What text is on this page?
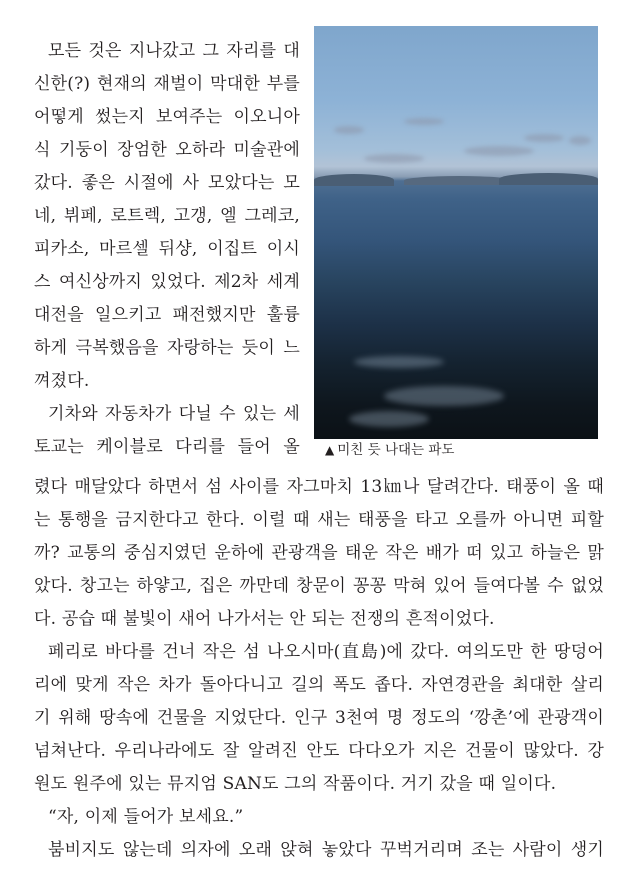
모든 것은 지나갔고 그 자리를 대
신한(?) 현재의 재벌이 막대한 부를
어떻게 썼는지 보여주는 이오니아
식 기둥이 장엄한 오하라 미술관에
갔다. 좋은 시절에 사 모았다는 모
네, 뷔페, 로트렉, 고갱, 엘 그레코,
피카소, 마르셀 뒤샹, 이집트 이시
스 여신상까지 있었다. 제2차 세계
대전을 일으키고 패전했지만 훌륭
하게 극복했음을 자랑하는 듯이 느
껴졌다.
기차와 자동차가 다닐 수 있는 세
토교는 케이블로 다리를 들어 올
렸다 매달았다 하면서 섬 사이를 자그마치 13㎞나 달려간다. 태풍이 올 때
는 통행을 금지한다고 한다. 이럴 때 새는 태풍을 타고 오를까 아니면 피할
까? 교통의 중심지였던 운하에 관광객을 태운 작은 배가 떠 있고 하늘은 맑
았다. 창고는 하얗고, 집은 까만데 창문이 꽁꽁 막혀 있어 들여다볼 수 없었
다. 공습 때 불빛이 새어 나가서는 안 되는 전쟁의 흔적이었다.
페리로 바다를 건너 작은 섬 나오시마(直島)에 갔다. 여의도만 한 땅덩어
리에 맞게 작은 차가 돌아다니고 길의 폭도 좁다. 자연경관을 최대한 살리
기 위해 땅속에 건물을 지었단다. 인구 3천여 명 정도의 ‘깡촌’에 관광객이
넘쳐난다. 우리나라에도 잘 알려진 안도 다다오가 지은 건물이 많았다. 강
원도 원주에 있는 뮤지엄 SAN도 그의 작품이다. 거기 갔을 때 일이다.
“자, 이제 들어가 보세요.”
붐비지도 않는데 의자에 오래 앉혀 놓았다 꾸벅거리며 조는 사람이 생기
▲ 미친 듯 나대는 파도
